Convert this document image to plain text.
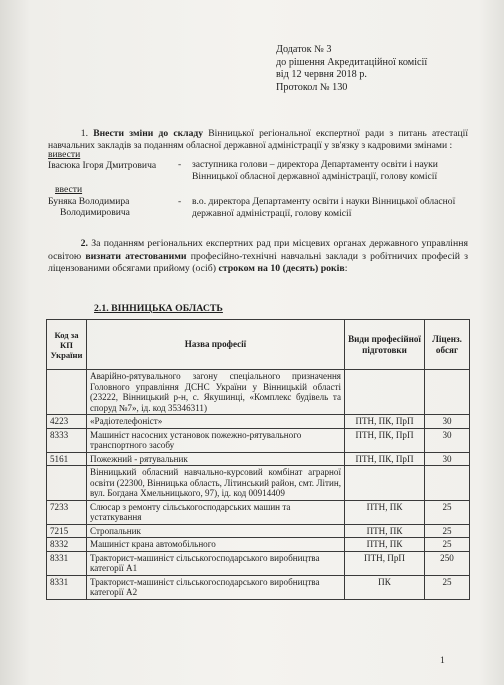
Додаток № 3
до рішення Акредитаційної комісії
від 12 червня 2018 р.
Протокол № 130
1. Внести зміни до складу Вінницької регіональної експертної ради з питань атестації навчальних закладів за поданням обласної державної адміністрації у зв'язку з кадровими змінами :
вивести
Івасюка Ігоря Дмитровича - заступника голови – директора Департаменту освіти і науки Вінницької обласної державної адміністрації, голову комісії
ввести
Буняка Володимира
Володимировича
- в.о. директора Департаменту освіти і науки Вінницької обласної державної адміністрації, голову комісії
2. За поданням регіональних експертних рад при місцевих органах державного управління освітою визнати атестованими професійно-технічні навчальні заклади з робітничих професій з ліцензованими обсягами прийому (осіб) строком на 10 (десять) років:
2.1. ВІННИЦЬКА ОБЛАСТЬ
Код за КП України	Назва професії	Види професійної підготовки	Ліценз. обсяг
	Аварійно-рятувального загону спеціального призначення Головного управління ДСНС України у Вінницькій області (23222, Вінницький р-н, с. Якушинці, «Комплекс будівель та споруд №7», ід. код 35346311)		
4223	«Радіотелефоніст»	ПТН, ПК, ПрП	30
8333	Машиніст насосних установок пожежно-рятувального транспортного засобу	ПТН, ПК, ПрП	30
5161	Пожежний - рятувальник	ПТН, ПК, ПрП	30
	Вінницький обласний навчально-курсовий комбінат аграрної освіти (22300, Вінницька область, Літинський район, смт. Літин, вул. Богдана Хмельницького, 97), ід. код 00914409		
7233	Слюсар з ремонту сільськогосподарських машин та устаткування	ПТН, ПК	25
7215	Стропальник	ПТН, ПК	25
8332	Машиніст крана автомобільного	ПТН, ПК	25
8331	Тракторист-машиніст сільськогосподарського виробництва категорії А1	ПТН, ПрП	250
8331	Тракторист-машиніст сільськогосподарського виробництва категорії А2	ПК	25
1
